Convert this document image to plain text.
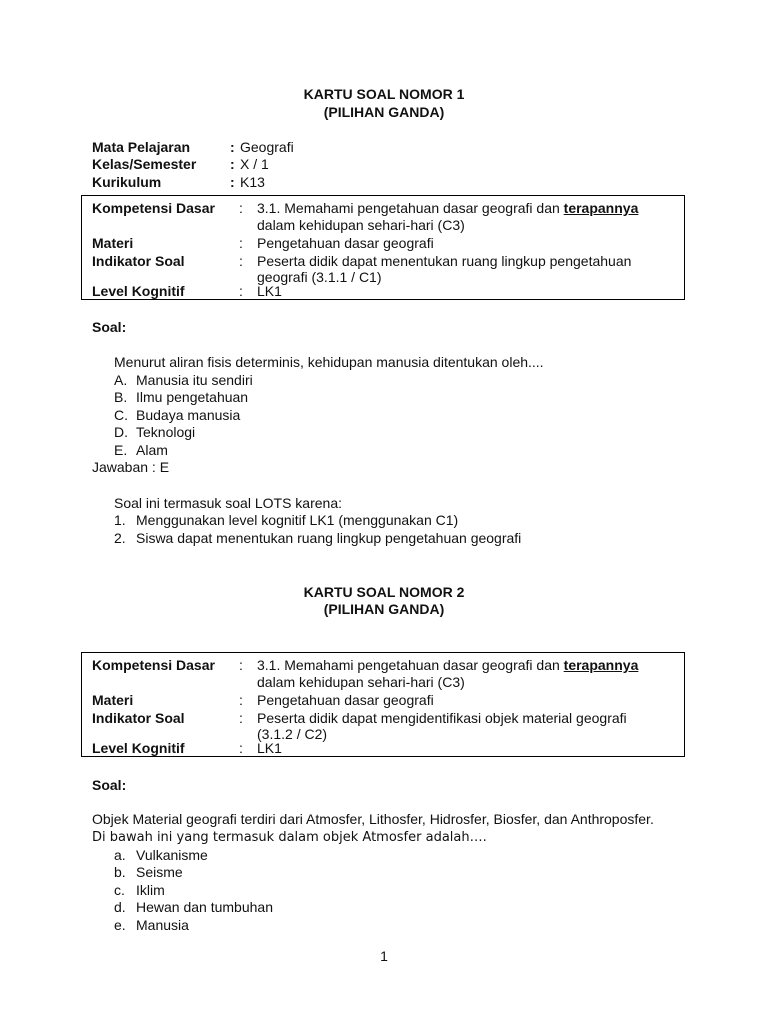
KARTU SOAL NOMOR 1
(PILIHAN GANDA)
Mata Pelajaran	: Geografi
Kelas/Semester : X / 1
Kurikulum	: K13
Kompetensi Dasar : 3.1. Memahami pengetahuan dasar geografi dan terapannya
dalam kehidupan sehari-hari (C3)
Materi	: Pengetahuan dasar geografi
Indikator Soal	: Peserta didik dapat menentukan ruang lingkup pengetahuan geografi (3.1.1 / C1)
Level Kognitif	: LK1
Soal:
Menurut aliran fisis determinis, kehidupan manusia ditentukan oleh....
A. Manusia itu sendiri
B. Ilmu pengetahuan
C. Budaya manusia
D. Teknologi
E. Alam
Jawaban : E
Soal ini termasuk soal LOTS karena:
1. Menggunakan level kognitif LK1 (menggunakan C1)
2. Siswa dapat menentukan ruang lingkup pengetahuan geografi
KARTU SOAL NOMOR 2
(PILIHAN GANDA)
Kompetensi Dasar : 3.1. Memahami pengetahuan dasar geografi dan terapannya
dalam kehidupan sehari-hari (C3)
Materi	: Pengetahuan dasar geografi
Indikator Soal	: Peserta didik dapat mengidentifikasi objek material geografi (3.1.2 / C2)
Level Kognitif	: LK1
Soal:
Objek Material geografi terdiri dari Atmosfer, Lithosfer, Hidrosfer, Biosfer, dan Anthroposfer.
Di bawah ini yang termasuk dalam objek Atmosfer adalah….
a. Vulkanisme
b. Seisme
c. Iklim
d. Hewan dan tumbuhan
e. Manusia
1
